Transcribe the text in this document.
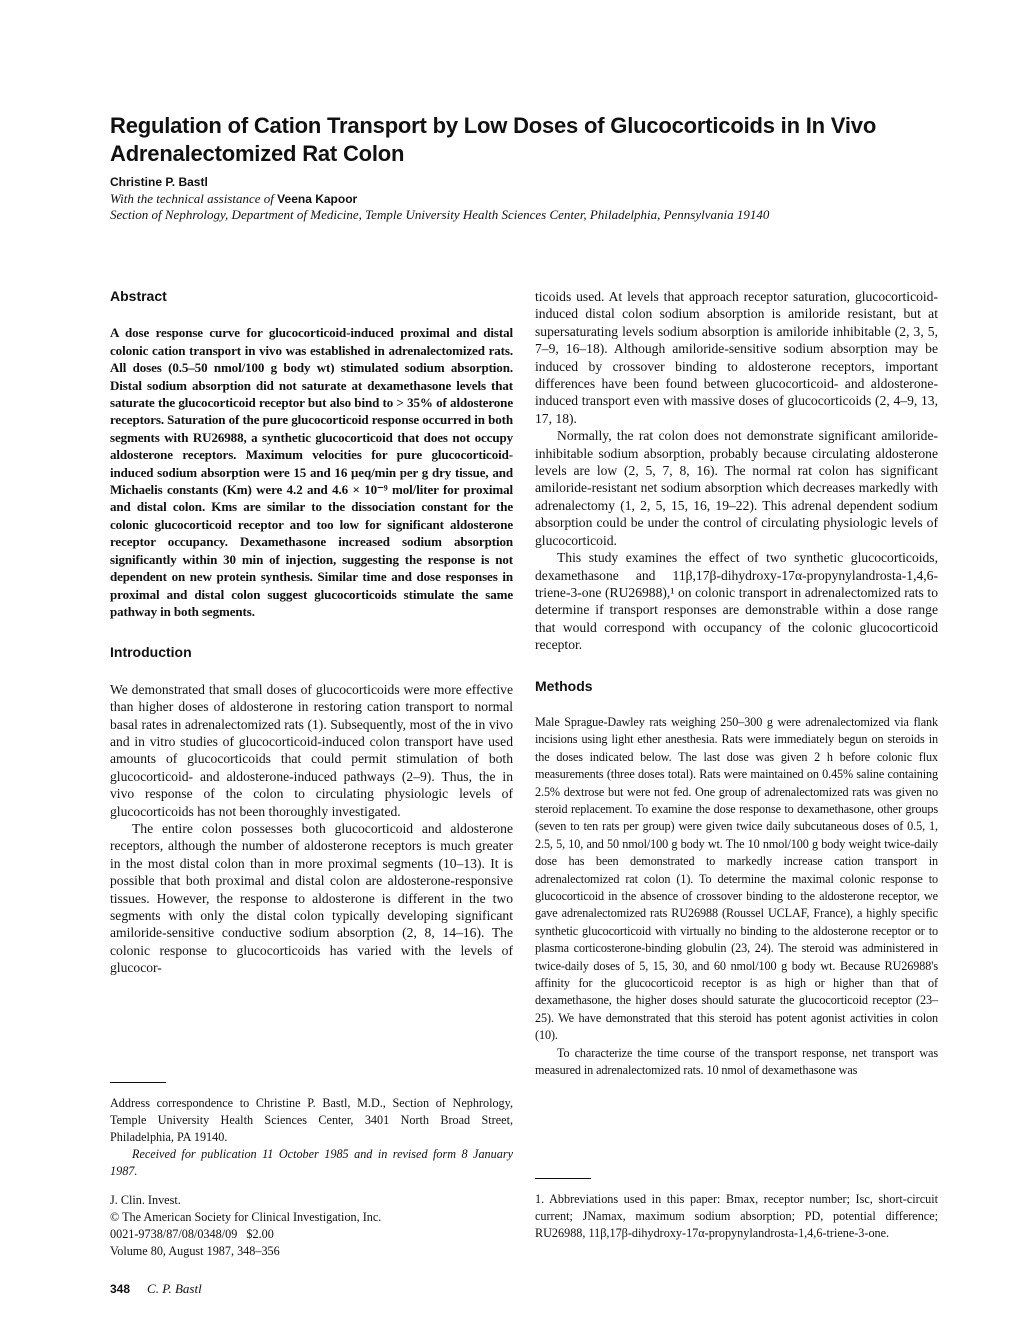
Regulation of Cation Transport by Low Doses of Glucocorticoids in In Vivo Adrenalectomized Rat Colon
Christine P. Bastl
With the technical assistance of Veena Kapoor
Section of Nephrology, Department of Medicine, Temple University Health Sciences Center, Philadelphia, Pennsylvania 19140
Abstract

A dose response curve for glucocorticoid-induced proximal and distal colonic cation transport in vivo was established in adrenalectomized rats. All doses (0.5–50 nmol/100 g body wt) stimulated sodium absorption. Distal sodium absorption did not saturate at dexamethasone levels that saturate the glucocorticoid receptor but also bind to > 35% of aldosterone receptors. Saturation of the pure glucocorticoid response occurred in both segments with RU26988, a synthetic glucocorticoid that does not occupy aldosterone receptors. Maximum velocities for pure glucocorticoid-induced sodium absorption were 15 and 16 μeq/min per g dry tissue, and Michaelis constants (Km) were 4.2 and 4.6 × 10⁻⁹ mol/liter for proximal and distal colon. Kms are similar to the dissociation constant for the colonic glucocorticoid receptor and too low for significant aldosterone receptor occupancy. Dexamethasone increased sodium absorption significantly within 30 min of injection, suggesting the response is not dependent on new protein synthesis. Similar time and dose responses in proximal and distal colon suggest glucocorticoids stimulate the same pathway in both segments.

Introduction

We demonstrated that small doses of glucocorticoids were more effective than higher doses of aldosterone in restoring cation transport to normal basal rates in adrenalectomized rats (1). Subsequently, most of the in vivo and in vitro studies of glucocorticoid-induced colon transport have used amounts of glucocorticoids that could permit stimulation of both glucocorticoid- and aldosterone-induced pathways (2–9). Thus, the in vivo response of the colon to circulating physiologic levels of glucocorticoids has not been thoroughly investigated.

The entire colon possesses both glucocorticoid and aldosterone receptors, although the number of aldosterone receptors is much greater in the most distal colon than in more proximal segments (10–13). It is possible that both proximal and distal colon are aldosterone-responsive tissues. However, the response to aldosterone is different in the two segments with only the distal colon typically developing significant amiloride-sensitive conductive sodium absorption (2, 8, 14–16). The colonic response to glucocorticoids has varied with the levels of glucocor-

Address correspondence to Christine P. Bastl, M.D., Section of Nephrology, Temple University Health Sciences Center, 3401 North Broad Street, Philadelphia, PA 19140.

Received for publication 11 October 1985 and in revised form 8 January 1987.

J. Clin. Invest.

© The American Society for Clinical Investigation, Inc.

0021-9738/87/08/0348/09   $2.00

Volume 80, August 1987, 348–356

ticoids used. At levels that approach receptor saturation, glucocorticoid-induced distal colon sodium absorption is amiloride resistant, but at supersaturating levels sodium absorption is amiloride inhibitable (2, 3, 5, 7–9, 16–18). Although amiloride-sensitive sodium absorption may be induced by crossover binding to aldosterone receptors, important differences have been found between glucocorticoid- and aldosterone-induced transport even with massive doses of glucocorticoids (2, 4–9, 13, 17, 18).

Normally, the rat colon does not demonstrate significant amiloride-inhibitable sodium absorption, probably because circulating aldosterone levels are low (2, 5, 7, 8, 16). The normal rat colon has significant amiloride-resistant net sodium absorption which decreases markedly with adrenalectomy (1, 2, 5, 15, 16, 19–22). This adrenal dependent sodium absorption could be under the control of circulating physiologic levels of glucocorticoid.

This study examines the effect of two synthetic glucocorticoids, dexamethasone and 11β,17β-dihydroxy-17α-propynylandrosta-1,4,6-triene-3-one (RU26988),¹ on colonic transport in adrenalectomized rats to determine if transport responses are demonstrable within a dose range that would correspond with occupancy of the colonic glucocorticoid receptor.

Methods

Male Sprague-Dawley rats weighing 250–300 g were adrenalectomized via flank incisions using light ether anesthesia. Rats were immediately begun on steroids in the doses indicated below. The last dose was given 2 h before colonic flux measurements (three doses total). Rats were maintained on 0.45% saline containing 2.5% dextrose but were not fed. One group of adrenalectomized rats was given no steroid replacement. To examine the dose response to dexamethasone, other groups (seven to ten rats per group) were given twice daily subcutaneous doses of 0.5, 1, 2.5, 5, 10, and 50 nmol/100 g body wt. The 10 nmol/100 g body weight twice-daily dose has been demonstrated to markedly increase cation transport in adrenalectomized rat colon (1). To determine the maximal colonic response to glucocorticoid in the absence of crossover binding to the aldosterone receptor, we gave adrenalectomized rats RU26988 (Roussel UCLAF, France), a highly specific synthetic glucocorticoid with virtually no binding to the aldosterone receptor or to plasma corticosterone-binding globulin (23, 24). The steroid was administered in twice-daily doses of 5, 15, 30, and 60 nmol/100 g body wt. Because RU26988's affinity for the glucocorticoid receptor is as high or higher than that of dexamethasone, the higher doses should saturate the glucocorticoid receptor (23–25). We have demonstrated that this steroid has potent agonist activities in colon (10).

To characterize the time course of the transport response, net transport was measured in adrenalectomized rats. 10 nmol of dexamethasone was

1. Abbreviations used in this paper: Bmax, receptor number; Isc, short-circuit current; JNamax, maximum sodium absorption; PD, potential difference; RU26988, 11β,17β-dihydroxy-17α-propynylandrosta-1,4,6-triene-3-one.

348 C. P. Bastl
